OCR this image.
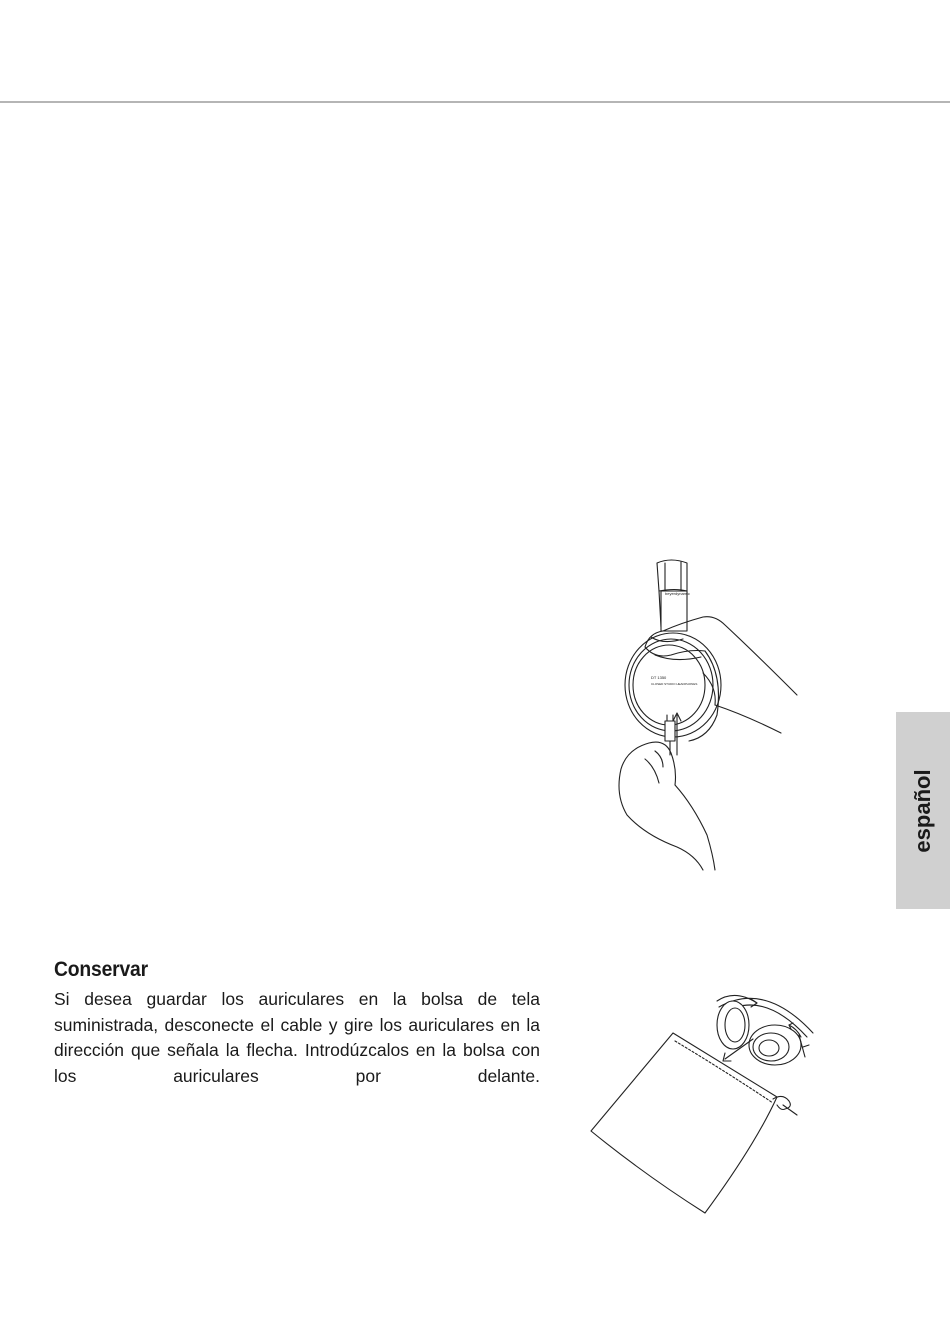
beyerdynamic
DT 1350
CLOSED STUDIO HEADPHONES
español
Conservar

Si desea guardar los auriculares en la bolsa de tela suministrada, desconecte el cable y gire los auriculares en la dirección que señala la flecha. Introdúzcalos en la bolsa con los auriculares por delante.
